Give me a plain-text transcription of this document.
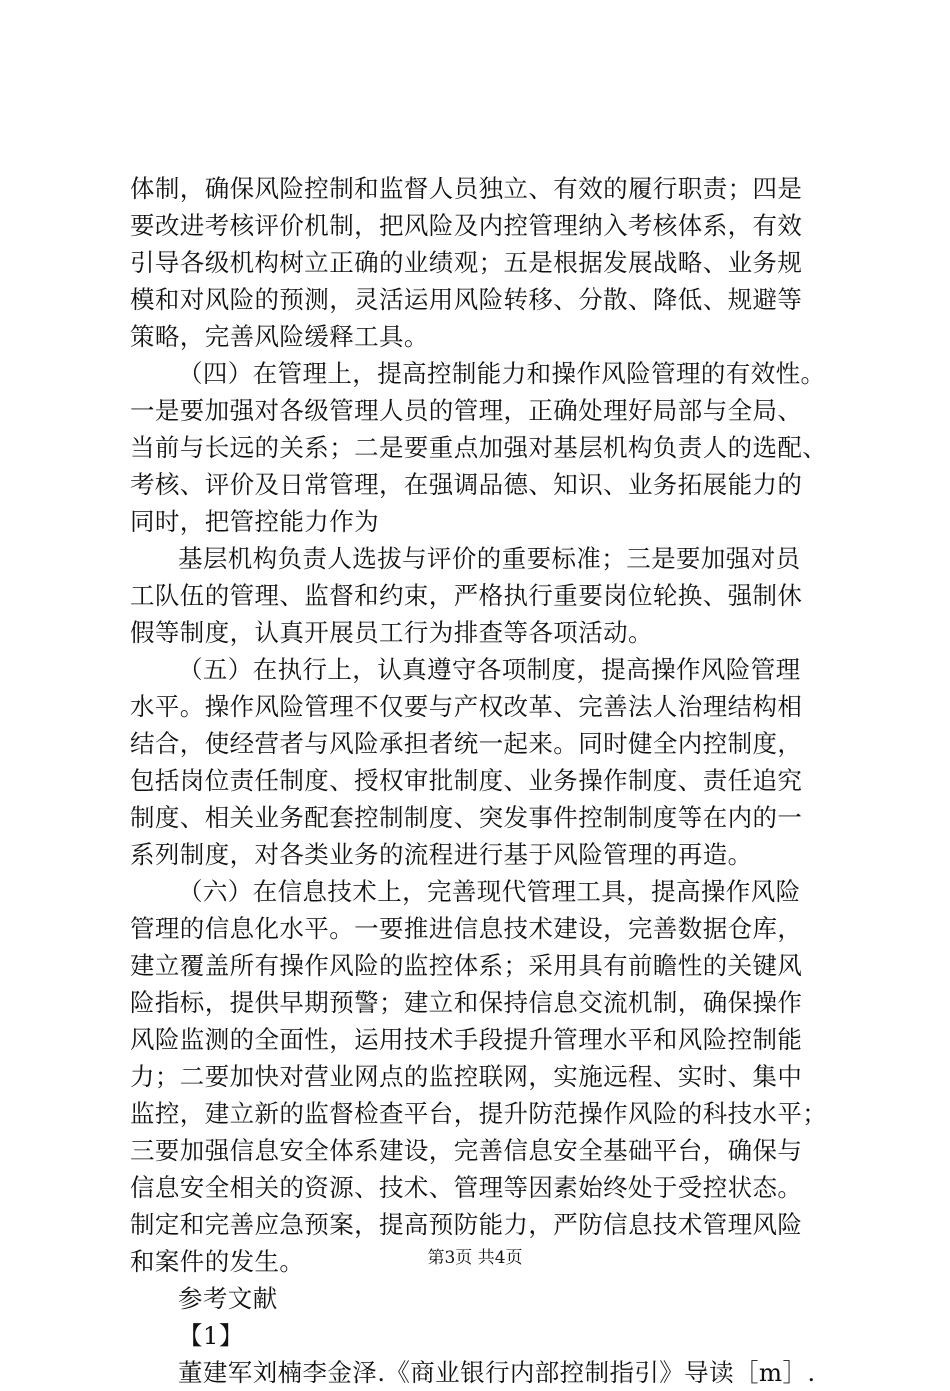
体制，确保风险控制和监督人员独立、有效的履行职责；四是
要改进考核评价机制，把风险及内控管理纳入考核体系，有效
引导各级机构树立正确的业绩观；五是根据发展战略、业务规
模和对风险的预测，灵活运用风险转移、分散、降低、规避等
策略，完善风险缓释工具。
（四）在管理上，提高控制能力和操作风险管理的有效性。
一是要加强对各级管理人员的管理，正确处理好局部与全局、
当前与长远的关系；二是要重点加强对基层机构负责人的选配、
考核、评价及日常管理，在强调品德、知识、业务拓展能力的
同时，把管控能力作为
基层机构负责人选拔与评价的重要标准；三是要加强对员
工队伍的管理、监督和约束，严格执行重要岗位轮换、强制休
假等制度，认真开展员工行为排查等各项活动。
（五）在执行上，认真遵守各项制度，提高操作风险管理
水平。操作风险管理不仅要与产权改革、完善法人治理结构相
结合，使经营者与风险承担者统一起来。同时健全内控制度，
包括岗位责任制度、授权审批制度、业务操作制度、责任追究
制度、相关业务配套控制制度、突发事件控制制度等在内的一
系列制度，对各类业务的流程进行基于风险管理的再造。
（六）在信息技术上，完善现代管理工具，提高操作风险
管理的信息化水平。一要推进信息技术建设，完善数据仓库，
建立覆盖所有操作风险的监控体系；采用具有前瞻性的关键风
险指标，提供早期预警；建立和保持信息交流机制，确保操作
风险监测的全面性，运用技术手段提升管理水平和风险控制能
力；二要加快对营业网点的监控联网，实施远程、实时、集中
监控，建立新的监督检查平台，提升防范操作风险的科技水平；
三要加强信息安全体系建设，完善信息安全基础平台，确保与
信息安全相关的资源、技术、管理等因素始终处于受控状态。
制定和完善应急预案，提高预防能力，严防信息技术管理风险
和案件的发生。
参考文献
【1】
董建军刘楠李金泽.《商业银行内部控制指引》导读［m］.
第3页 共4页
